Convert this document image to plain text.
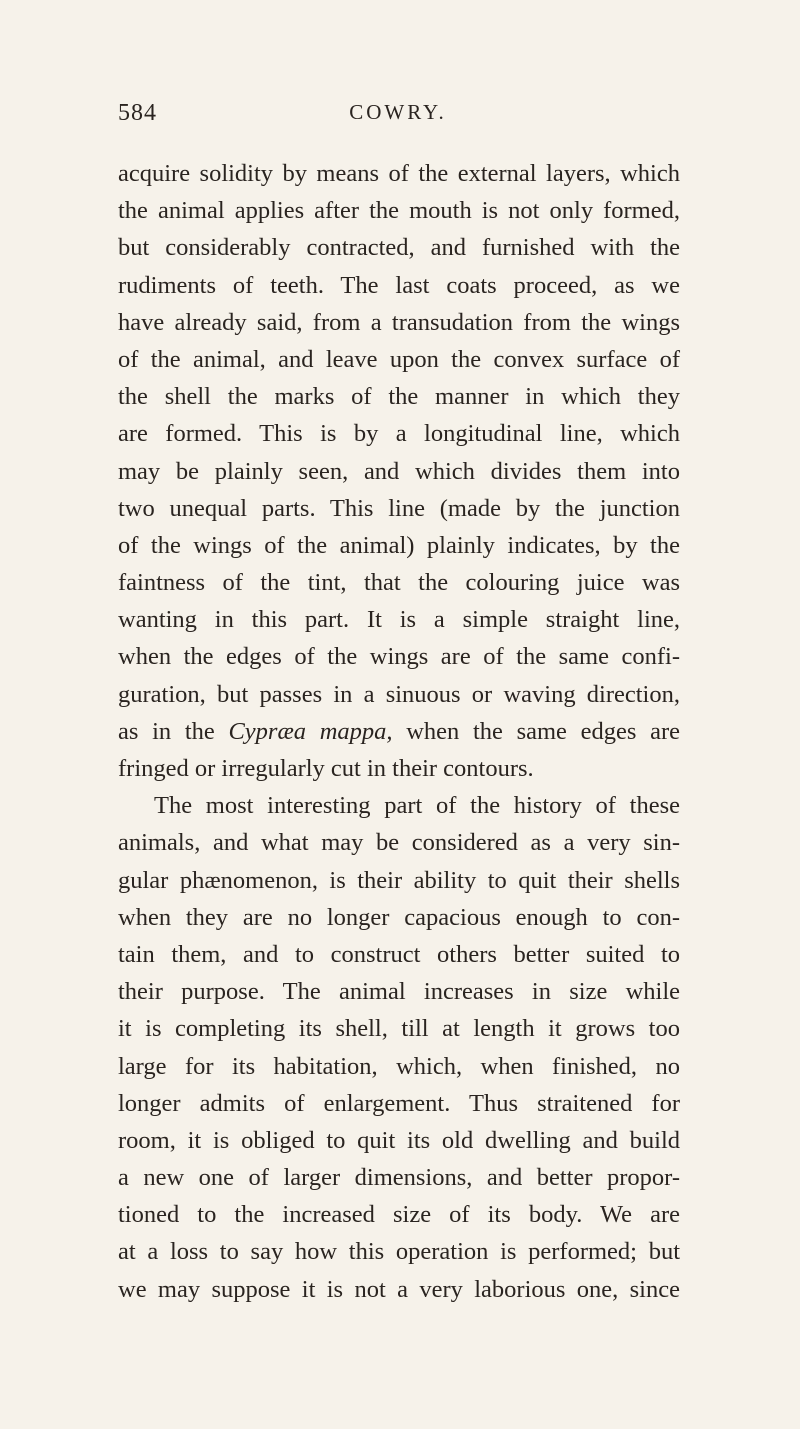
584	COWRY.
acquire solidity by means of the external layers, which
the animal applies after the mouth is not only formed,
but considerably contracted, and furnished with the
rudiments of teeth. The last coats proceed, as we
have already said, from a transudation from the wings
of the animal, and leave upon the convex surface of
the shell the marks of the manner in which they
are formed. This is by a longitudinal line, which
may be plainly seen, and which divides them into
two unequal parts. This line (made by the junction
of the wings of the animal) plainly indicates, by the
faintness of the tint, that the colouring juice was
wanting in this part. It is a simple straight line,
when the edges of the wings are of the same confi-
guration, but passes in a sinuous or waving direction,
as in the Cypræa mappa, when the same edges are
fringed or irregularly cut in their contours.
The most interesting part of the history of these
animals, and what may be considered as a very sin-
gular phænomenon, is their ability to quit their shells
when they are no longer capacious enough to con-
tain them, and to construct others better suited to
their purpose. The animal increases in size while
it is completing its shell, till at length it grows too
large for its habitation, which, when finished, no
longer admits of enlargement. Thus straitened for
room, it is obliged to quit its old dwelling and build
a new one of larger dimensions, and better propor-
tioned to the increased size of its body. We are
at a loss to say how this operation is performed; but
we may suppose it is not a very laborious one, since
